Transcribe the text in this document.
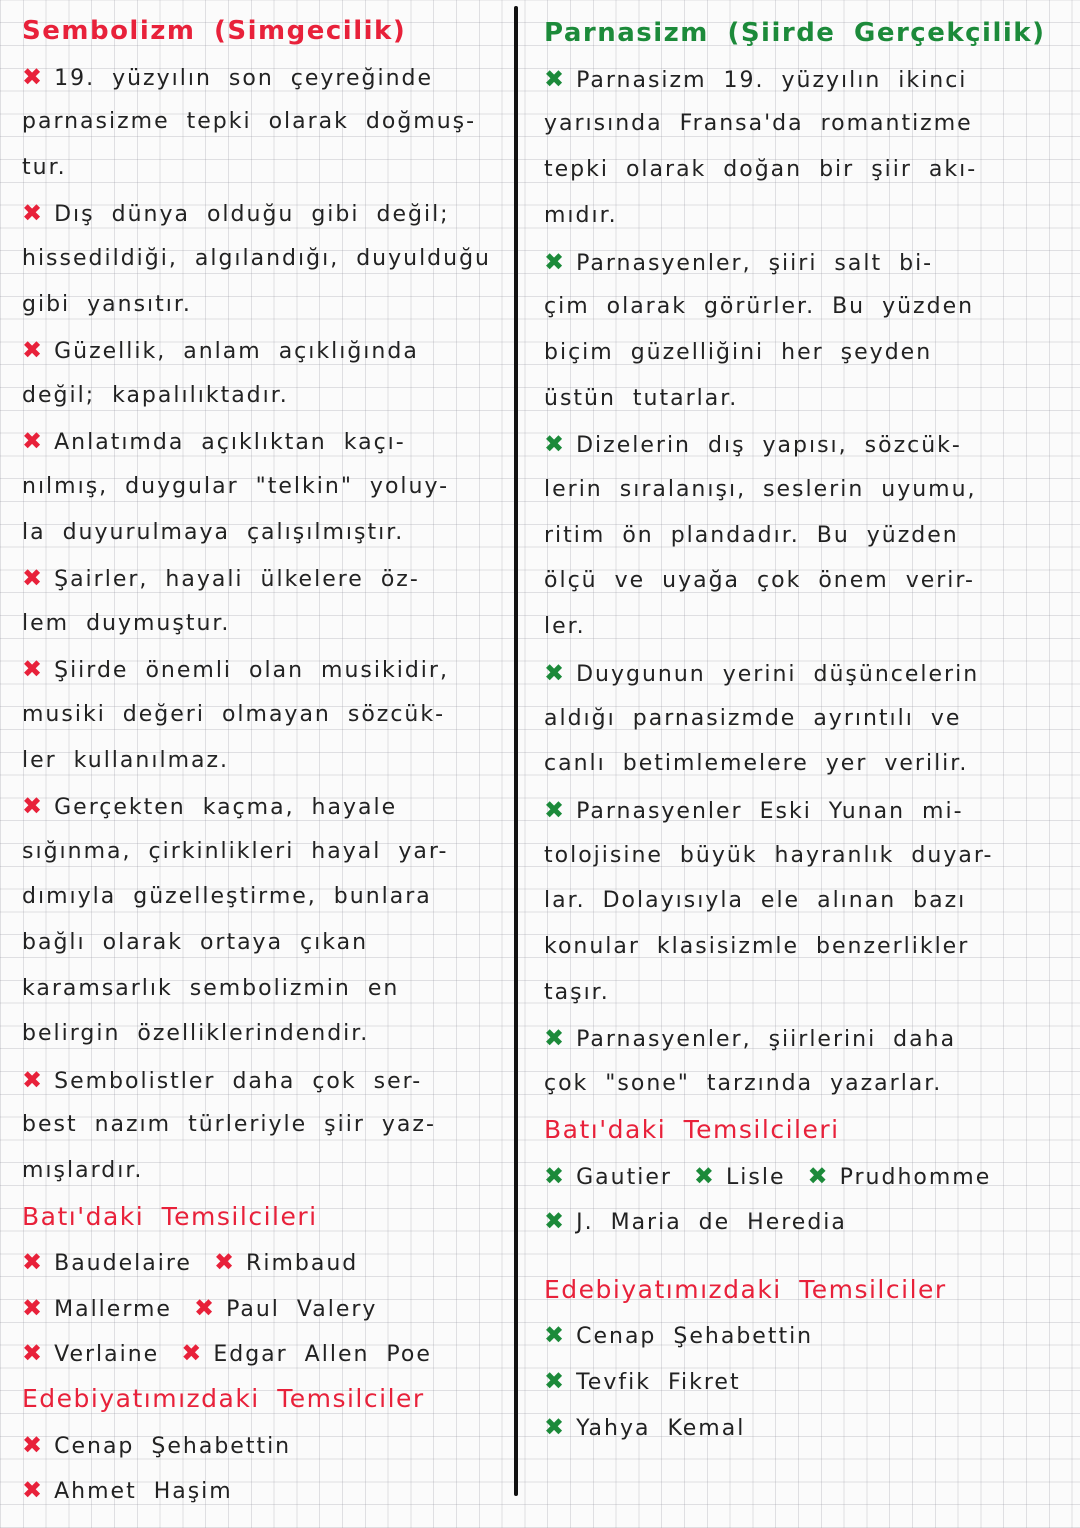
Sembolizm (Simgecilik)
✖ 19. yüzyılın son çeyreğinde
parnasizme tepki olarak doğmuş-
tur.
✖ Dış dünya olduğu gibi değil;
hissedildiği, algılandığı, duyulduğu
gibi yansıtır.
✖ Güzellik, anlam açıklığında
değil; kapalılıktadır.
✖ Anlatımda açıklıktan kaçı-
nılmış, duygular "telkin" yoluy-
la duyurulmaya çalışılmıştır.
✖ Şairler, hayali ülkelere öz-
lem duymuştur.
✖ Şiirde önemli olan musikidir,
musiki değeri olmayan sözcük-
ler kullanılmaz.
✖ Gerçekten kaçma, hayale
sığınma, çirkinlikleri hayal yar-
dımıyla güzelleştirme, bunlara
bağlı olarak ortaya çıkan
karamsarlık sembolizmin en
belirgin özelliklerindendir.
✖ Sembolistler daha çok ser-
best nazım türleriyle şiir yaz-
mışlardır.
Batı'daki Temsilcileri
✖ Baudelaire ✖ Rimbaud
✖ Mallerme ✖ Paul Valery
✖ Verlaine ✖ Edgar Allen Poe
Edebiyatımızdaki Temsilciler
✖ Cenap Şehabettin
✖ Ahmet Haşim
Parnasizm (Şiirde Gerçekçilik)
✖ Parnasizm 19. yüzyılın ikinci
yarısında Fransa'da romantizme
tepki olarak doğan bir şiir akı-
mıdır.
✖ Parnasyenler, şiiri salt bi-
çim olarak görürler. Bu yüzden
biçim güzelliğini her şeyden
üstün tutarlar.
✖ Dizelerin dış yapısı, sözcük-
lerin sıralanışı, seslerin uyumu,
ritim ön plandadır. Bu yüzden
ölçü ve uyağa çok önem verir-
ler.
✖ Duygunun yerini düşüncelerin
aldığı parnasizmde ayrıntılı ve
canlı betimlemelere yer verilir.
✖ Parnasyenler Eski Yunan mi-
tolojisine büyük hayranlık duyar-
lar. Dolayısıyla ele alınan bazı
konular klasisizmle benzerlikler
taşır.
✖ Parnasyenler, şiirlerini daha
çok "sone" tarzında yazarlar.
Batı'daki Temsilcileri
✖ Gautier ✖ Lisle ✖ Prudhomme
✖ J. Maria de Heredia
Edebiyatımızdaki Temsilciler
✖ Cenap Şehabettin
✖ Tevfik Fikret
✖ Yahya Kemal
